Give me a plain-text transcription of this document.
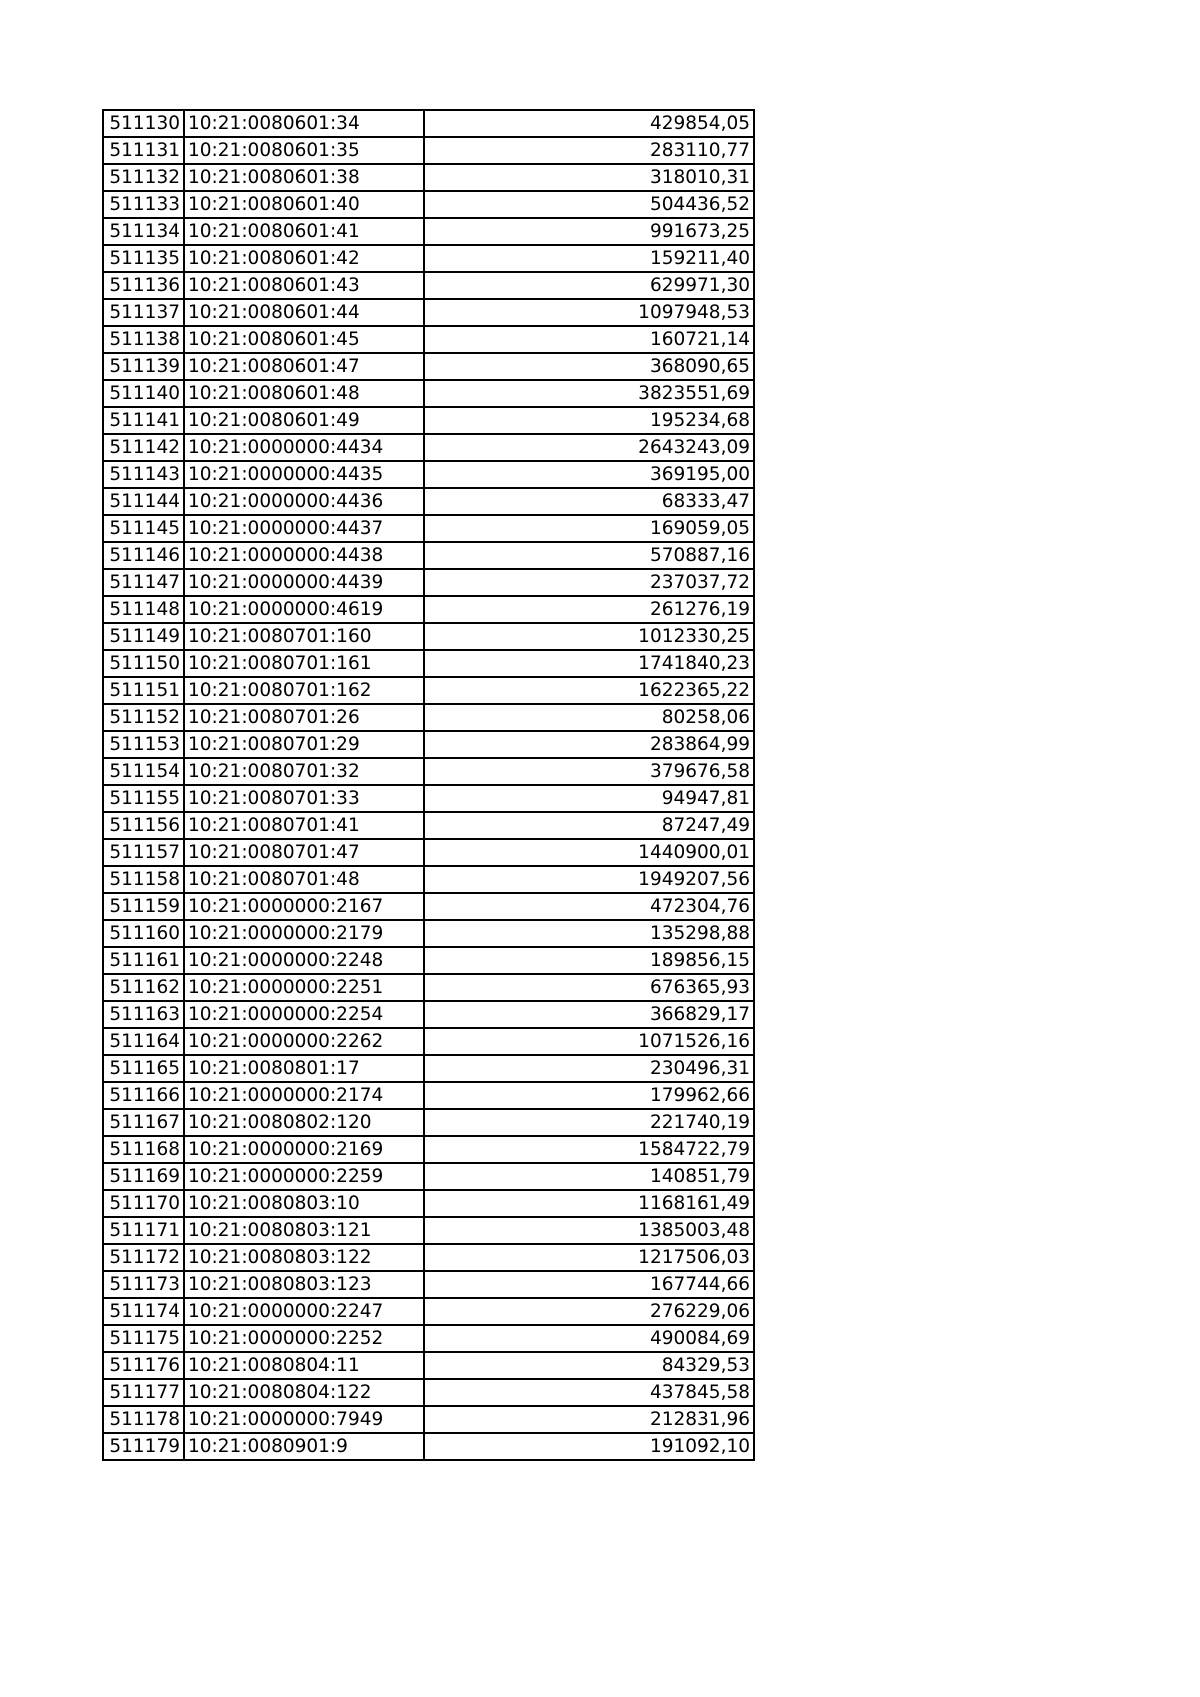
511130	10:21:0080601:34	429854,05
511131	10:21:0080601:35	283110,77
511132	10:21:0080601:38	318010,31
511133	10:21:0080601:40	504436,52
511134	10:21:0080601:41	991673,25
511135	10:21:0080601:42	159211,40
511136	10:21:0080601:43	629971,30
511137	10:21:0080601:44	1097948,53
511138	10:21:0080601:45	160721,14
511139	10:21:0080601:47	368090,65
511140	10:21:0080601:48	3823551,69
511141	10:21:0080601:49	195234,68
511142	10:21:0000000:4434	2643243,09
511143	10:21:0000000:4435	369195,00
511144	10:21:0000000:4436	68333,47
511145	10:21:0000000:4437	169059,05
511146	10:21:0000000:4438	570887,16
511147	10:21:0000000:4439	237037,72
511148	10:21:0000000:4619	261276,19
511149	10:21:0080701:160	1012330,25
511150	10:21:0080701:161	1741840,23
511151	10:21:0080701:162	1622365,22
511152	10:21:0080701:26	80258,06
511153	10:21:0080701:29	283864,99
511154	10:21:0080701:32	379676,58
511155	10:21:0080701:33	94947,81
511156	10:21:0080701:41	87247,49
511157	10:21:0080701:47	1440900,01
511158	10:21:0080701:48	1949207,56
511159	10:21:0000000:2167	472304,76
511160	10:21:0000000:2179	135298,88
511161	10:21:0000000:2248	189856,15
511162	10:21:0000000:2251	676365,93
511163	10:21:0000000:2254	366829,17
511164	10:21:0000000:2262	1071526,16
511165	10:21:0080801:17	230496,31
511166	10:21:0000000:2174	179962,66
511167	10:21:0080802:120	221740,19
511168	10:21:0000000:2169	1584722,79
511169	10:21:0000000:2259	140851,79
511170	10:21:0080803:10	1168161,49
511171	10:21:0080803:121	1385003,48
511172	10:21:0080803:122	1217506,03
511173	10:21:0080803:123	167744,66
511174	10:21:0000000:2247	276229,06
511175	10:21:0000000:2252	490084,69
511176	10:21:0080804:11	84329,53
511177	10:21:0080804:122	437845,58
511178	10:21:0000000:7949	212831,96
511179	10:21:0080901:9	191092,10
